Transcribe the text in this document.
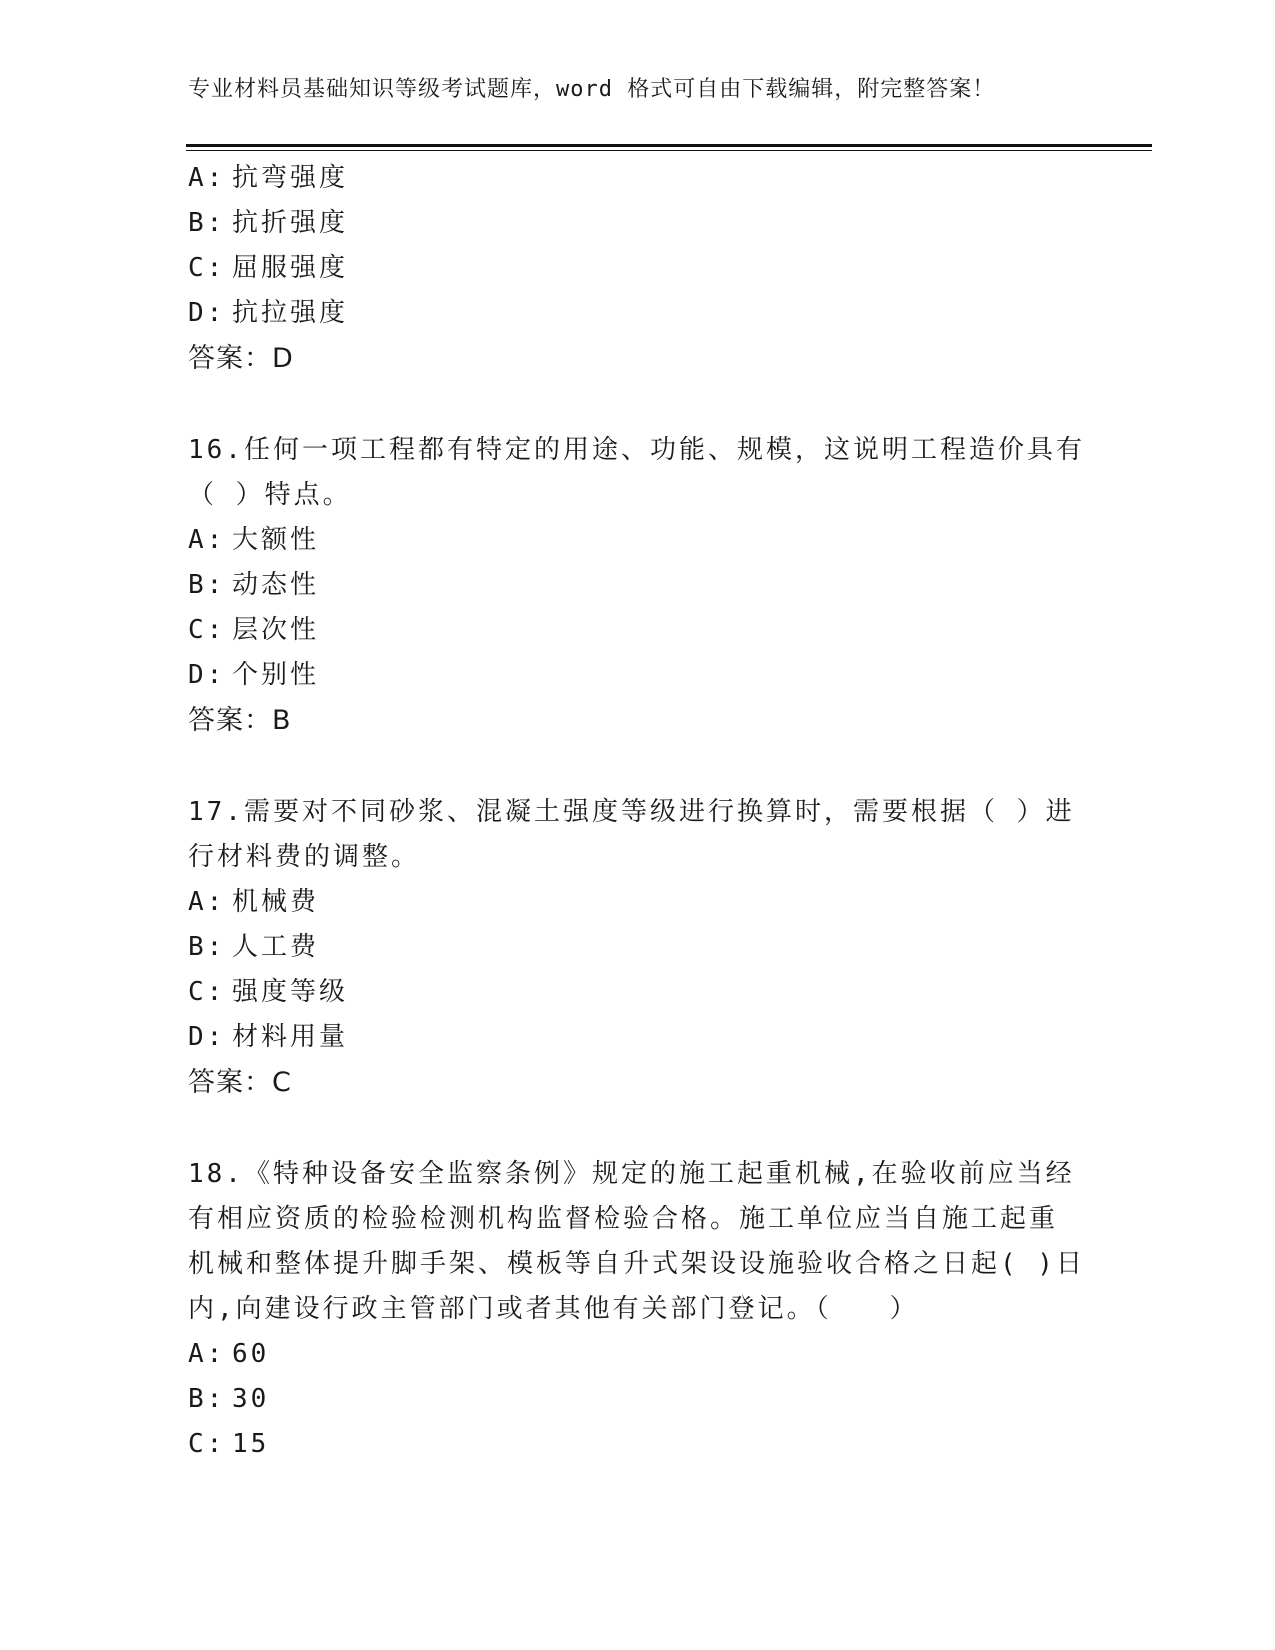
专业材料员基础知识等级考试题库，word 格式可自由下载编辑，附完整答案！
A: 抗弯强度
B: 抗折强度
C: 屈服强度
D: 抗拉强度
答案：D
16.任何一项工程都有特定的用途、功能、规模，这说明工程造价具有
（ ）特点。
A: 大额性
B: 动态性
C: 层次性
D: 个别性
答案：B
17.需要对不同砂浆、混凝土强度等级进行换算时，需要根据（ ）进
行材料费的调整。
A: 机械费
B: 人工费
C: 强度等级
D: 材料用量
答案：C
18.《特种设备安全监察条例》规定的施工起重机械,在验收前应当经
有相应资质的检验检测机构监督检验合格。施工单位应当自施工起重
机械和整体提升脚手架、模板等自升式架设设施验收合格之日起( )日
内,向建设行政主管部门或者其他有关部门登记。（　　）
A: 60
B: 30
C: 15
